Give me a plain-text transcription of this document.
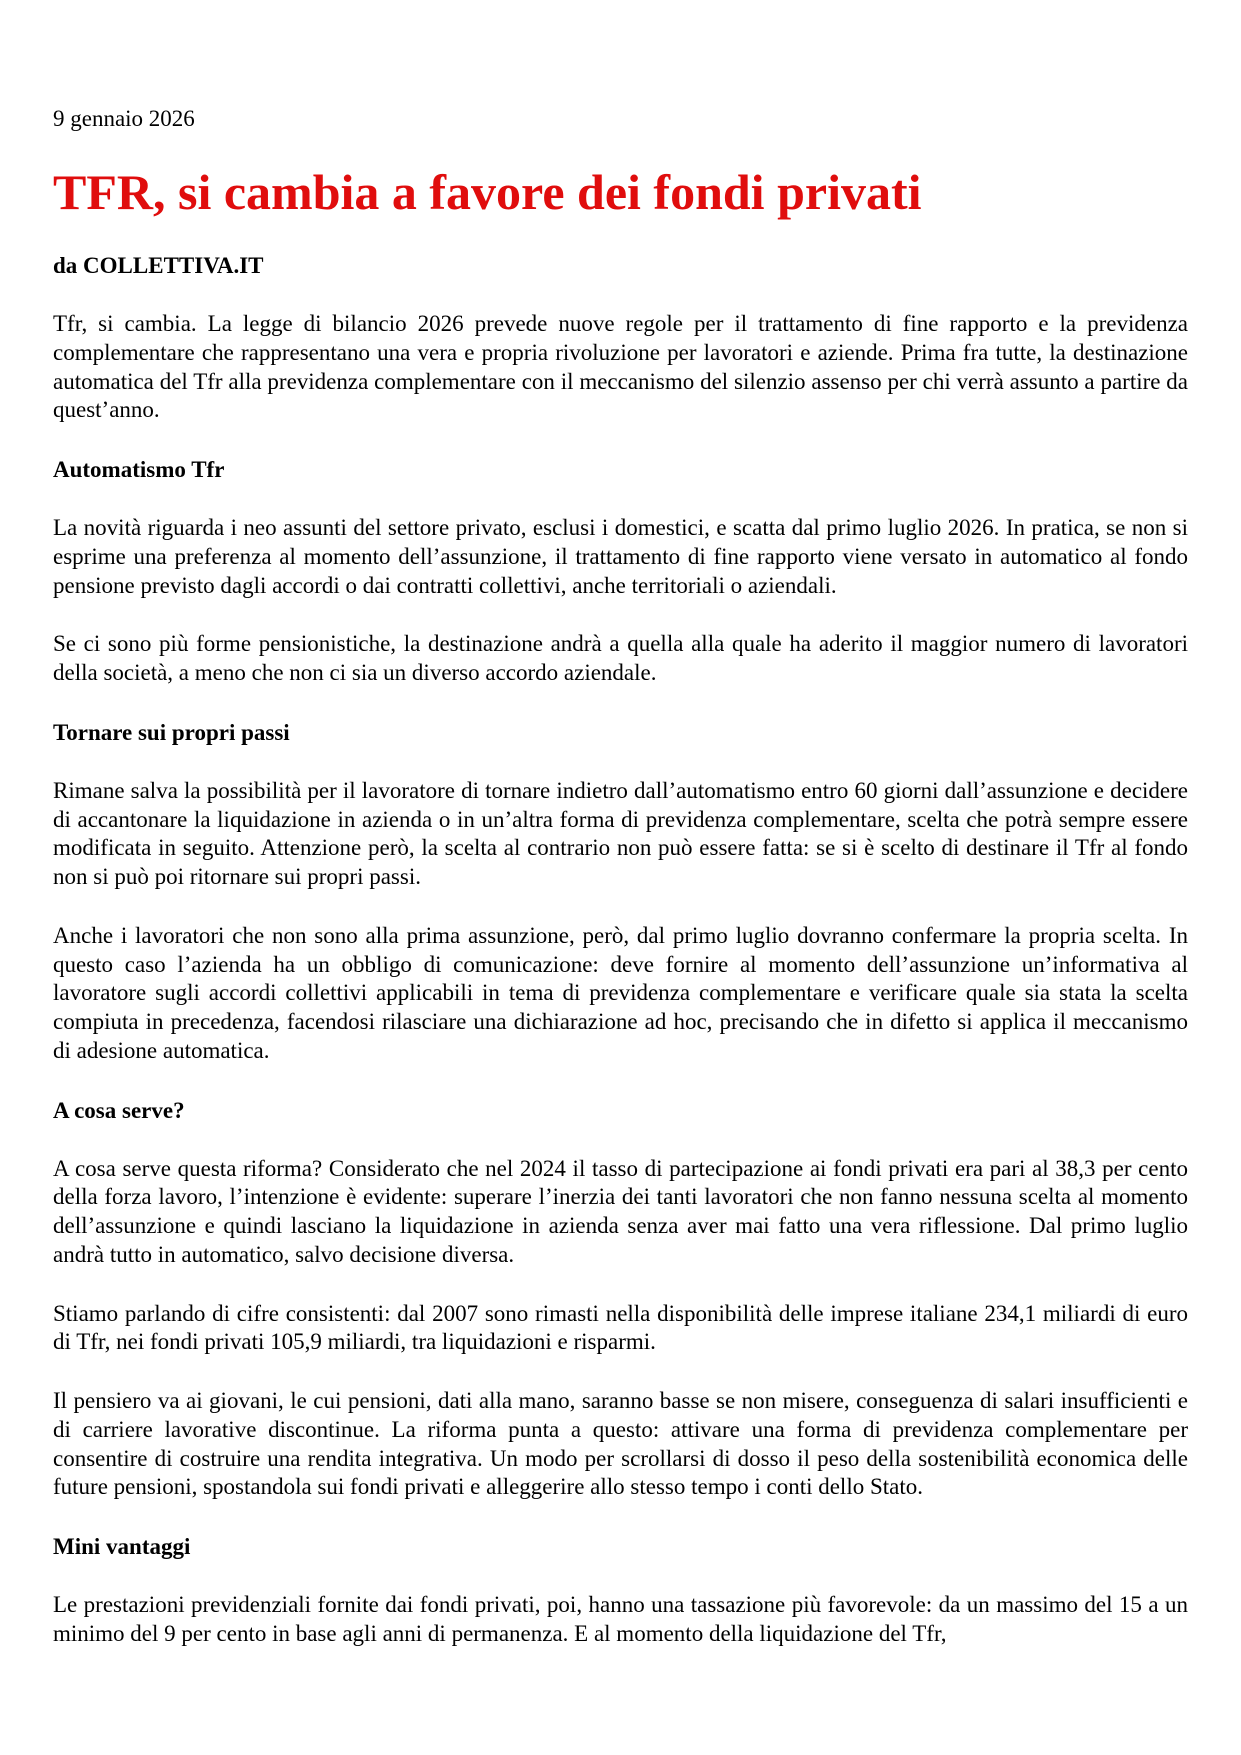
9 gennaio 2026
TFR, si cambia a favore dei fondi privati
da COLLETTIVA.IT

Tfr, si cambia. La legge di bilancio 2026 prevede nuove regole per il trattamento di fine rapporto e la previdenza complementare che rappresentano una vera e propria rivoluzione per lavoratori e aziende. Prima fra tutte, la destinazione automatica del Tfr alla previdenza complementare con il meccanismo del silenzio assenso per chi verrà assunto a partire da quest’anno.

Automatismo Tfr

La novità riguarda i neo assunti del settore privato, esclusi i domestici, e scatta dal primo luglio 2026. In pratica, se non si esprime una preferenza al momento dell’assunzione, il trattamento di fine rapporto viene versato in automatico al fondo pensione previsto dagli accordi o dai contratti collettivi, anche territoriali o aziendali.

Se ci sono più forme pensionistiche, la destinazione andrà a quella alla quale ha aderito il maggior numero di lavoratori della società, a meno che non ci sia un diverso accordo aziendale.

Tornare sui propri passi

Rimane salva la possibilità per il lavoratore di tornare indietro dall’automatismo entro 60 giorni dall’assunzione e decidere di accantonare la liquidazione in azienda o in un’altra forma di previdenza complementare, scelta che potrà sempre essere modificata in seguito. Attenzione però, la scelta al contrario non può essere fatta: se si è scelto di destinare il Tfr al fondo non si può poi ritornare sui propri passi.

Anche i lavoratori che non sono alla prima assunzione, però, dal primo luglio dovranno confermare la propria scelta. In questo caso l’azienda ha un obbligo di comunicazione: deve fornire al momento dell’assunzione un’informativa al lavoratore sugli accordi collettivi applicabili in tema di previdenza complementare e verificare quale sia stata la scelta compiuta in precedenza, facendosi rilasciare una dichiarazione ad hoc, precisando che in difetto si applica il meccanismo di adesione automatica.

A cosa serve?

A cosa serve questa riforma? Considerato che nel 2024 il tasso di partecipazione ai fondi privati era pari al 38,3 per cento della forza lavoro, l’intenzione è evidente: superare l’inerzia dei tanti lavoratori che non fanno nessuna scelta al momento dell’assunzione e quindi lasciano la liquidazione in azienda senza aver mai fatto una vera riflessione. Dal primo luglio andrà tutto in automatico, salvo decisione diversa.

Stiamo parlando di cifre consistenti: dal 2007 sono rimasti nella disponibilità delle imprese italiane 234,1 miliardi di euro di Tfr, nei fondi privati 105,9 miliardi, tra liquidazioni e risparmi.

Il pensiero va ai giovani, le cui pensioni, dati alla mano, saranno basse se non misere, conseguenza di salari insufficienti e di carriere lavorative discontinue. La riforma punta a questo: attivare una forma di previdenza complementare per consentire di costruire una rendita integrativa. Un modo per scrollarsi di dosso il peso della sostenibilità economica delle future pensioni, spostandola sui fondi privati e alleggerire allo stesso tempo i conti dello Stato.

Mini vantaggi

Le prestazioni previdenziali fornite dai fondi privati, poi, hanno una tassazione più favorevole: da un massimo del 15 a un minimo del 9 per cento in base agli anni di permanenza. E al momento della liquidazione del Tfr,
